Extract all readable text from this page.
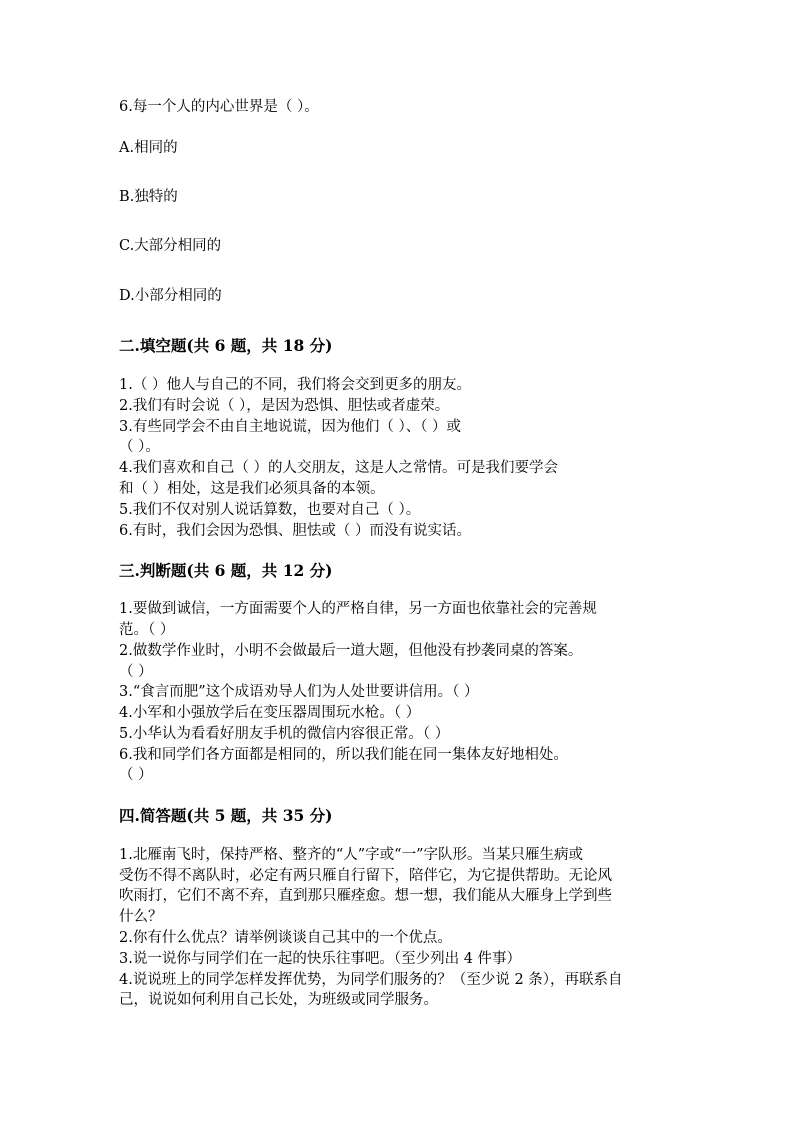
6.每一个人的内心世界是（ ）。
A.相同的
B.独特的
C.大部分相同的
D.小部分相同的
二.填空题(共 6 题，共 18 分)
1.（ ）他人与自己的不同，我们将会交到更多的朋友。
2.我们有时会说（ ），是因为恐惧、胆怯或者虚荣。
3.有些同学会不由自主地说谎，因为他们（ ）、（ ）或
（ ）。
4.我们喜欢和自己（ ）的人交朋友，这是人之常情。可是我们要学会
和（ ）相处，这是我们必须具备的本领。
5.我们不仅对别人说话算数，也要对自己（ ）。
6.有时，我们会因为恐惧、胆怯或（ ）而没有说实话。
三.判断题(共 6 题，共 12 分)
1.要做到诚信，一方面需要个人的严格自律，另一方面也依靠社会的完善规
范。（ ）
2.做数学作业时，小明不会做最后一道大题，但他没有抄袭同桌的答案。
（ ）
3.“食言而肥”这个成语劝导人们为人处世要讲信用。（ ）
4.小军和小强放学后在变压器周围玩水枪。（ ）
5.小华认为看看好朋友手机的微信内容很正常。（ ）
6.我和同学们各方面都是相同的，所以我们能在同一集体友好地相处。
（ ）
四.简答题(共 5 题，共 35 分)
1.北雁南飞时，保持严格、整齐的“人”字或“一”字队形。当某只雁生病或
受伤不得不离队时，必定有两只雁自行留下，陪伴它，为它提供帮助。无论风
吹雨打，它们不离不弃，直到那只雁痊愈。想一想，我们能从大雁身上学到些
什么？
2.你有什么优点？请举例谈谈自己其中的一个优点。
3.说一说你与同学们在一起的快乐往事吧。（至少列出 4 件事）
4.说说班上的同学怎样发挥优势，为同学们服务的？（至少说 2 条），再联系自
己，说说如何利用自己长处，为班级或同学服务。
